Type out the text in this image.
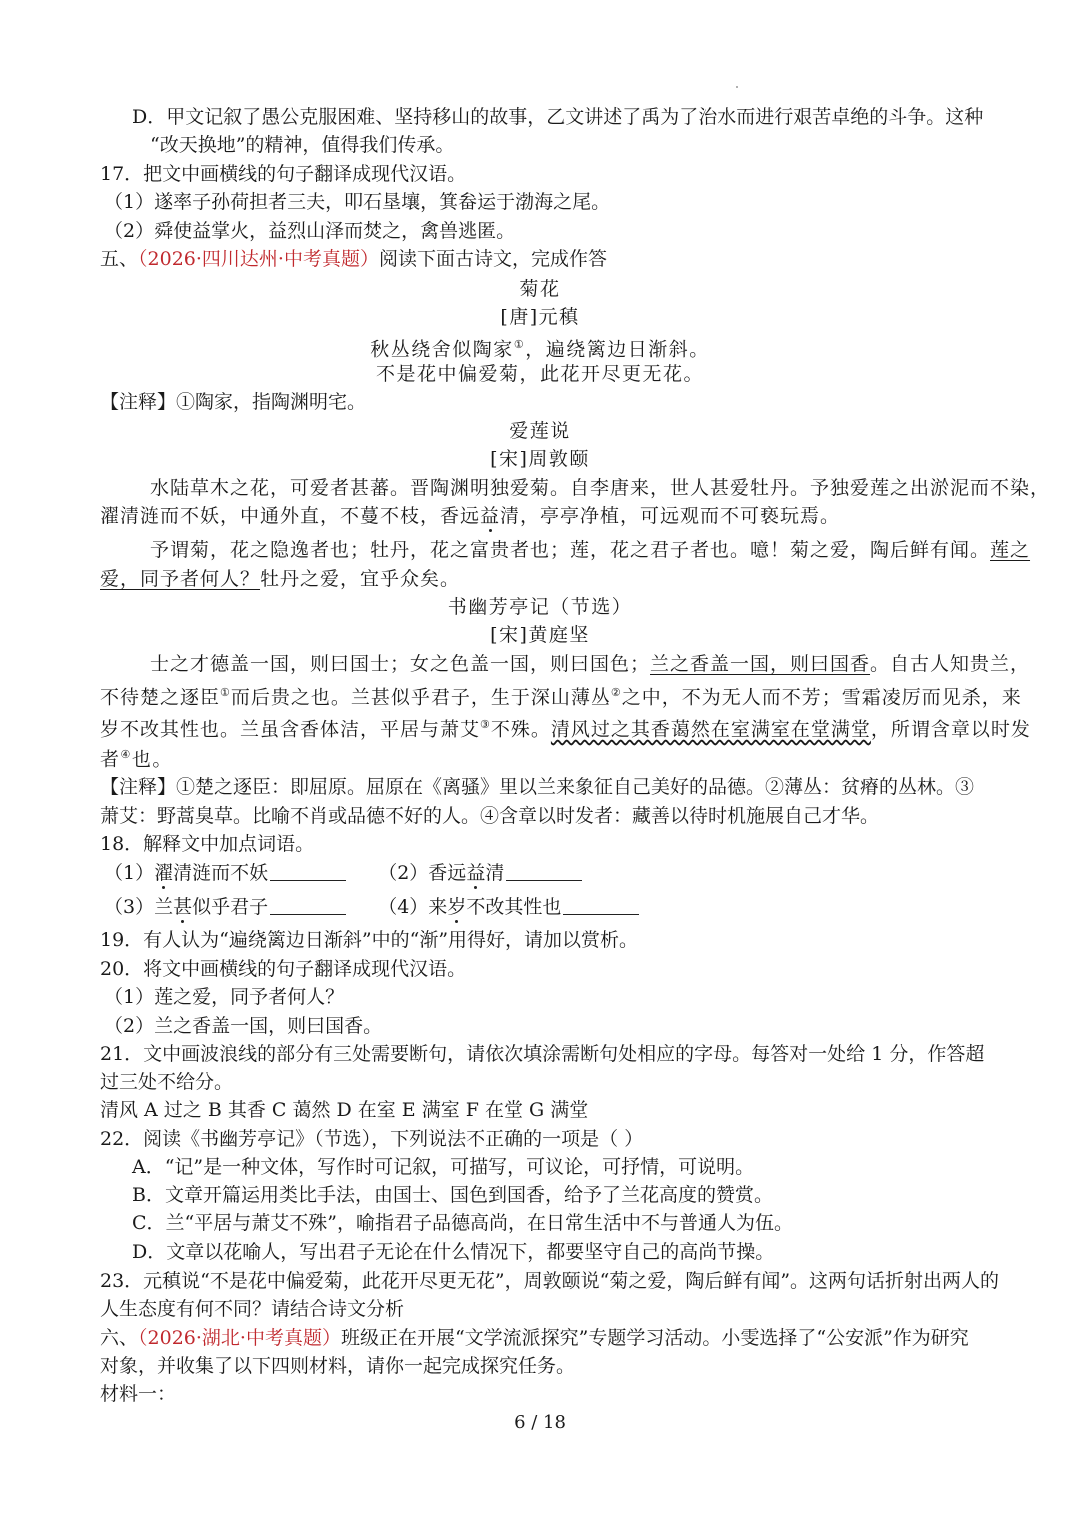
D．甲文记叙了愚公克服困难、坚持移山的故事，乙文讲述了禹为了治水而进行艰苦卓绝的斗争。这种
“改天换地”的精神，值得我们传承。
17．把文中画横线的句子翻译成现代汉语。
（1）遂率子孙荷担者三夫，叩石垦壤，箕畚运于渤海之尾。
（2）舜使益掌火，益烈山泽而焚之，禽兽逃匿。
五、（2026·四川达州·中考真题）阅读下面古诗文，完成作答
菊花
[唐]元稹
秋丛绕舍似陶家①，遍绕篱边日渐斜。
不是花中偏爱菊，此花开尽更无花。
【注释】①陶家，指陶渊明宅。
爱莲说
[宋]周敦颐
水陆草木之花，可爱者甚蕃。晋陶渊明独爱菊。自李唐来，世人甚爱牡丹。予独爱莲之出淤泥而不染，
濯清涟而不妖，中通外直，不蔓不枝，香远益清，亭亭净植，可远观而不可亵玩焉。
予谓菊，花之隐逸者也；牡丹，花之富贵者也；莲，花之君子者也。噫！菊之爱，陶后鲜有闻。莲之
爱，同予者何人？牡丹之爱，宜乎众矣。
书幽芳亭记（节选）
[宋]黄庭坚
士之才德盖一国，则曰国士；女之色盖一国，则曰国色；兰之香盖一国，则曰国香。自古人知贵兰，
不待楚之逐臣①而后贵之也。兰甚似乎君子，生于深山薄丛②之中，不为无人而不芳；雪霜凌厉而见杀，来
岁不改其性也。兰虽含香体洁，平居与萧艾③不殊。清风过之其香蔼然在室满室在堂满堂，所谓含章以时发
者④也。
【注释】①楚之逐臣：即屈原。屈原在《离骚》里以兰来象征自己美好的品德。②薄丛：贫瘠的丛林。③
萧艾：野蒿臭草。比喻不肖或品德不好的人。④含章以时发者：藏善以待时机施展自己才华。
18．解释文中加点词语。
（1）濯清涟而不妖	（2）香远益清
（3）兰甚似乎君子	（4）来岁不改其性也
19．有人认为“遍绕篱边日渐斜”中的“渐”用得好，请加以赏析。
20．将文中画横线的句子翻译成现代汉语。
（1）莲之爱，同予者何人？
（2）兰之香盖一国，则曰国香。
21．文中画波浪线的部分有三处需要断句，请依次填涂需断句处相应的字母。每答对一处给 1 分，作答超
过三处不给分。
清风 A 过之 B 其香 C 蔼然 D 在室 E 满室 F 在堂 G 满堂
22．阅读《书幽芳亭记》（节选），下列说法不正确的一项是（ ）
A．“记”是一种文体，写作时可记叙，可描写，可议论，可抒情，可说明。
B．文章开篇运用类比手法，由国士、国色到国香，给予了兰花高度的赞赏。
C．兰“平居与萧艾不殊”，喻指君子品德高尚，在日常生活中不与普通人为伍。
D．文章以花喻人，写出君子无论在什么情况下，都要坚守自己的高尚节操。
23．元稹说“不是花中偏爱菊，此花开尽更无花”，周敦颐说“菊之爱，陶后鲜有闻”。这两句话折射出两人的
人生态度有何不同？请结合诗文分析
六、（2026·湖北·中考真题）班级正在开展“文学流派探究”专题学习活动。小雯选择了“公安派”作为研究
对象，并收集了以下四则材料，请你一起完成探究任务。
材料一：
6 / 18
